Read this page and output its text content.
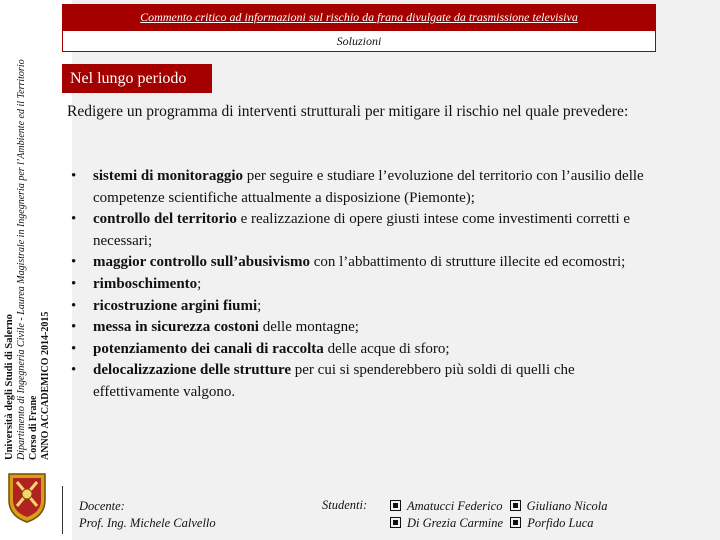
Università degli Studi di Salerno Dipartimento di Ingegneria Civile - Laurea Magistrale in Ingegneria per l’Ambiente ed il Territorio Corso di Frane ANNO ACCADEMICO 2014-2015
Commento critico ad informazioni sul rischio da frana divulgate da trasmissione televisiva
Soluzioni
Nel lungo periodo
Redigere un programma di interventi strutturali per mitigare il rischio nel quale prevedere:
• sistemi di monitoraggio per seguire e studiare l’evoluzione del territorio con l’ausilio delle competenze scientifiche attualmente a disposizione (Piemonte);
• controllo del territorio e realizzazione di opere giusti intese come investimenti corretti e necessari;
• maggior controllo sull’abusivismo con l’abbattimento di strutture illecite ed ecomostri;
• rimboschimento;
• ricostruzione argini fiumi;
• messa in sicurezza costoni delle montagne;
• potenziamento dei canali di raccolta delle acque di sforo;
• delocalizzazione delle strutture per cui si spenderebbero più soldi di quelli che effettivamente valgono.
Docente:
Prof. Ing. Michele Calvello
Studenti:	Amatucci Federico Giuliano Nicola
Di Grezia Carmine Porfido Luca
